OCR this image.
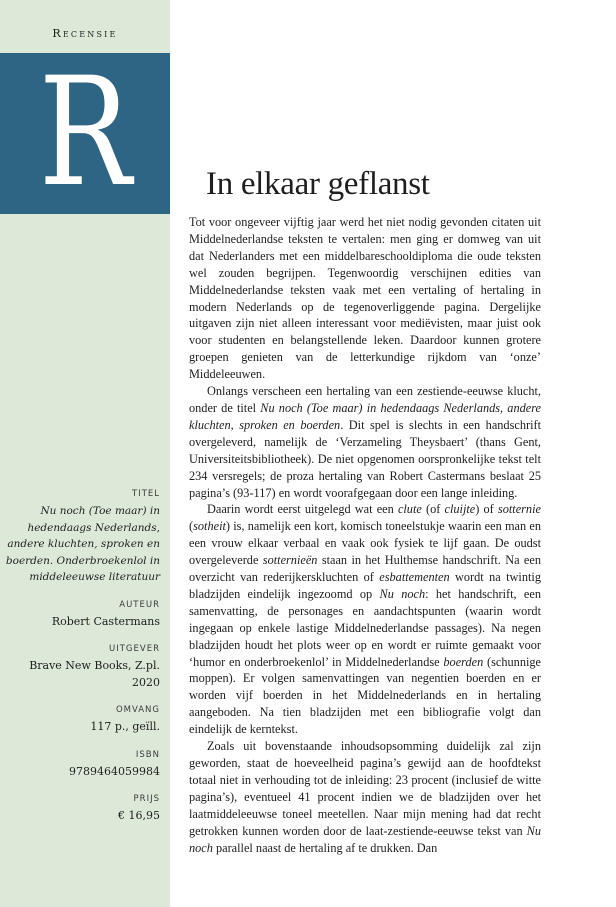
Recensie
R
TITEL
Nu noch (Toe maar) in hedendaags Nederlands, andere kluchten, sproken en boerden. Onderbroekenlol in middeleeuwse literatuur
AUTEUR
Robert Castermans
UITGEVER
Brave New Books, Z.pl. 2020
OMVANG
117 p., geïll.
ISBN
9789464059984
PRIJS
€ 16,95
In elkaar geflanst

Tot voor ongeveer vijftig jaar werd het niet nodig gevonden citaten uit Middelnederlandse teksten te vertalen: men ging er domweg van uit dat Nederlanders met een middelbareschooldiploma die oude teksten wel zouden begrijpen. Tegenwoordig verschijnen edities van Middelnederlandse teksten vaak met een vertaling of hertaling in modern Nederlands op de tegenoverliggende pagina. Dergelijke uitgaven zijn niet alleen interessant voor mediëvisten, maar juist ook voor studenten en belangstellende leken. Daardoor kunnen grotere groepen genieten van de letterkundige rijkdom van ‘onze’ Middeleeuwen.

Onlangs verscheen een hertaling van een zestiende-eeuwse klucht, onder de titel Nu noch (Toe maar) in hedendaags Nederlands, andere kluchten, sproken en boerden. Dit spel is slechts in een handschrift overgeleverd, namelijk de ‘Verzameling Theysbaert’ (thans Gent, Universiteitsbibliotheek). De niet opgenomen oorspronkelijke tekst telt 234 versregels; de proza hertaling van Robert Castermans beslaat 25 pagina’s (93-117) en wordt voorafgegaan door een lange inleiding.

Daarin wordt eerst uitgelegd wat een clute (of cluijte) of sotternie (sotheit) is, namelijk een kort, komisch toneelstukje waarin een man en een vrouw elkaar verbaal en vaak ook fysiek te lijf gaan. De oudst overgeleverde sotternieën staan in het Hulthemse handschrift. Na een overzicht van rederijkerskluchten of esbattementen wordt na twintig bladzijden eindelijk ingezoomd op Nu noch: het handschrift, een samenvatting, de personages en aandachtspunten (waarin wordt ingegaan op enkele lastige Middelnederlandse passages). Na negen bladzijden houdt het plots weer op en wordt er ruimte gemaakt voor ‘humor en onderbroekenlol’ in Middelnederlandse boerden (schunnige moppen). Er volgen samenvattingen van negentien boerden en er worden vijf boerden in het Middelnederlands en in hertaling aangeboden. Na tien bladzijden met een bibliografie volgt dan eindelijk de kerntekst.

Zoals uit bovenstaande inhoudsopsomming duidelijk zal zijn geworden, staat de hoeveelheid pagina’s gewijd aan de hoofdtekst totaal niet in verhouding tot de inleiding: 23 procent (inclusief de witte pagina’s), eventueel 41 procent indien we de bladzijden over het laatmiddeleeuwse toneel meetellen. Naar mijn mening had dat recht getrokken kunnen worden door de laat-zestiende-eeuwse tekst van Nu noch parallel naast de hertaling af te drukken. Dan
